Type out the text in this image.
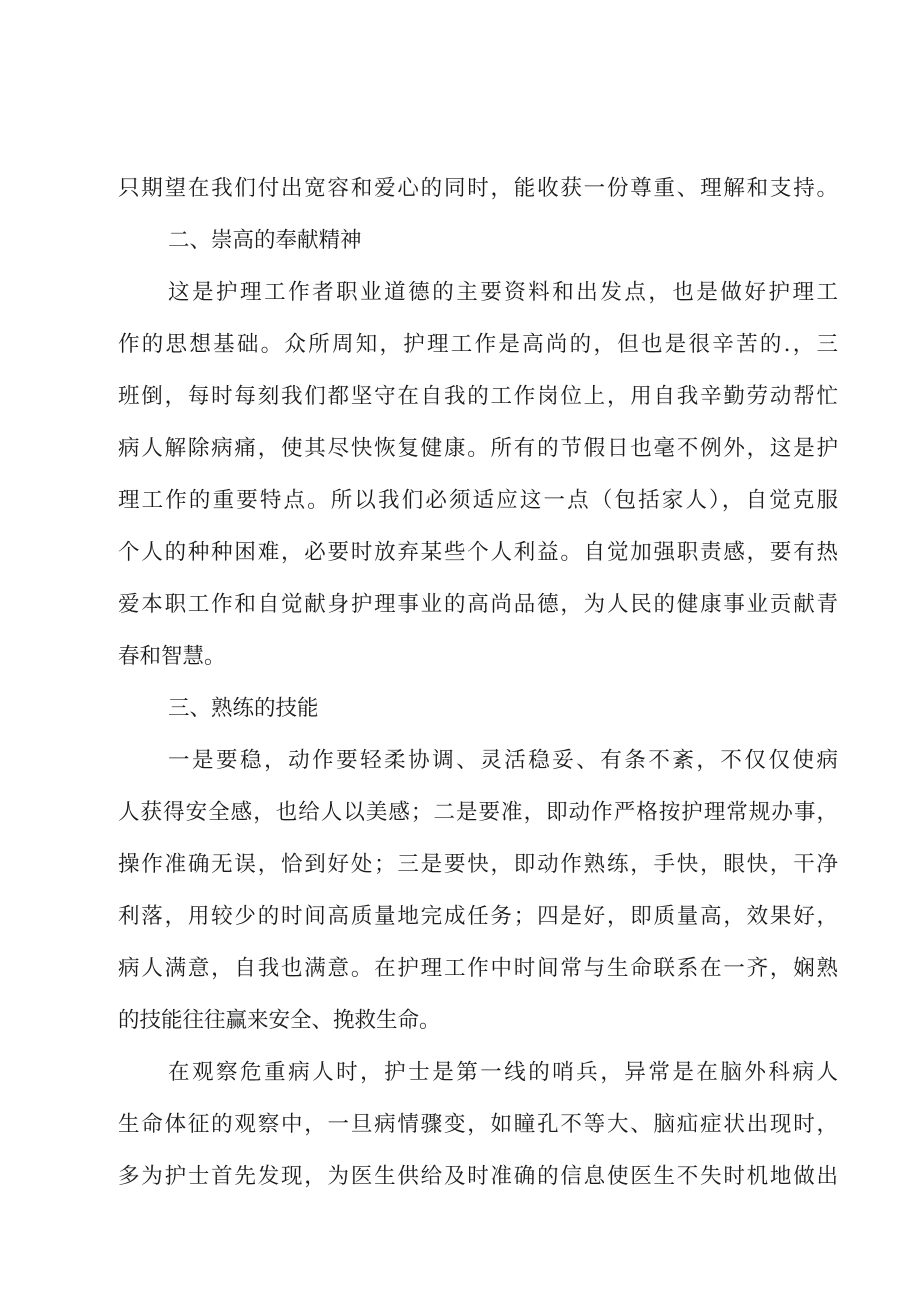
只期望在我们付出宽容和爱心的同时，能收获一份尊重、理解和支持。
二、崇高的奉献精神
这是护理工作者职业道德的主要资料和出发点，也是做好护理工
作的思想基础。众所周知，护理工作是高尚的，但也是很辛苦的.，三
班倒，每时每刻我们都坚守在自我的工作岗位上，用自我辛勤劳动帮忙
病人解除病痛，使其尽快恢复健康。所有的节假日也毫不例外，这是护
理工作的重要特点。所以我们必须适应这一点（包括家人），自觉克服
个人的种种困难，必要时放弃某些个人利益。自觉加强职责感，要有热
爱本职工作和自觉献身护理事业的高尚品德，为人民的健康事业贡献青
春和智慧。
三、熟练的技能
一是要稳，动作要轻柔协调、灵活稳妥、有条不紊，不仅仅使病
人获得安全感，也给人以美感；二是要准，即动作严格按护理常规办事，
操作准确无误，恰到好处；三是要快，即动作熟练，手快，眼快，干净
利落，用较少的时间高质量地完成任务；四是好，即质量高，效果好，
病人满意，自我也满意。在护理工作中时间常与生命联系在一齐，娴熟
的技能往往赢来安全、挽救生命。
在观察危重病人时，护士是第一线的哨兵，异常是在脑外科病人
生命体征的观察中，一旦病情骤变，如瞳孔不等大、脑疝症状出现时，
多为护士首先发现，为医生供给及时准确的信息使医生不失时机地做出
